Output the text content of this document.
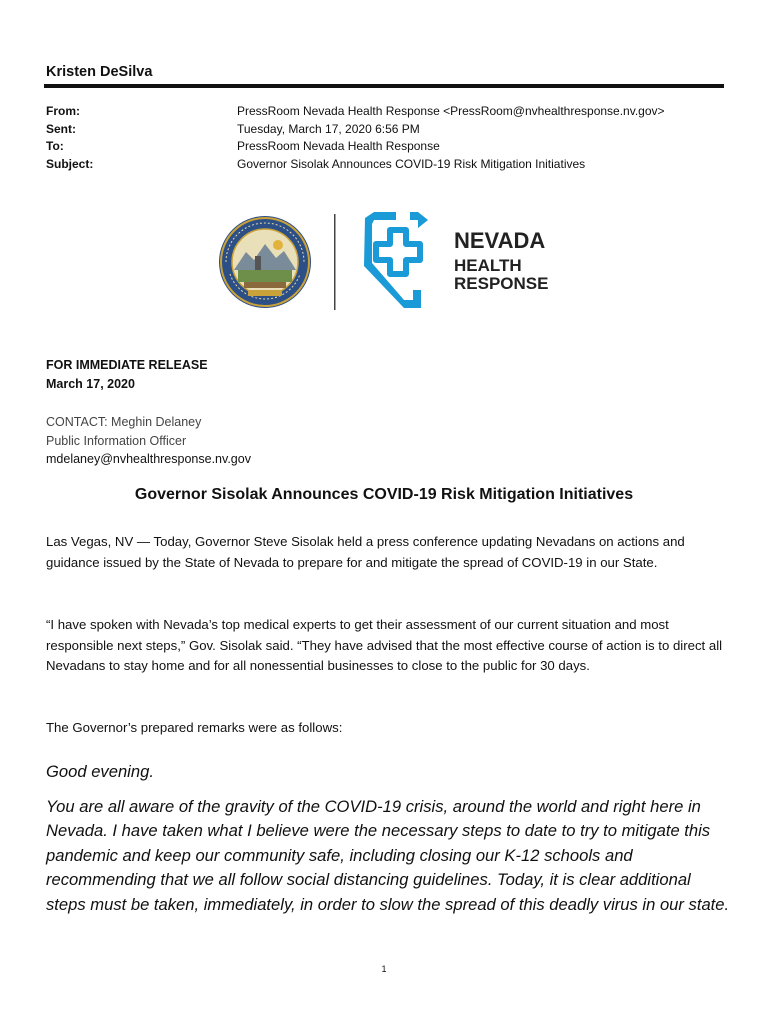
Kristen DeSilva
From:	PressRoom Nevada Health Response <PressRoom@nvhealthresponse.nv.gov>
Sent:	Tuesday, March 17, 2020 6:56 PM
To:	PressRoom Nevada Health Response
Subject:	Governor Sisolak Announces COVID-19 Risk Mitigation Initiatives
NEVADA
HEALTH
RESPONSE
FOR IMMEDIATE RELEASE
March 17, 2020
CONTACT: Meghin Delaney
Public Information Officer
mdelaney@nvhealthresponse.nv.gov
Governor Sisolak Announces COVID-19 Risk Mitigation Initiatives
Las Vegas, NV — Today, Governor Steve Sisolak held a press conference updating Nevadans on actions and guidance issued by the State of Nevada to prepare for and mitigate the spread of COVID-19 in our State.
“I have spoken with Nevada’s top medical experts to get their assessment of our current situation and most responsible next steps,” Gov. Sisolak said. “They have advised that the most effective course of action is to direct all Nevadans to stay home and for all nonessential businesses to close to the public for 30 days.
The Governor’s prepared remarks were as follows:
Good evening.
You are all aware of the gravity of the COVID-19 crisis, around the world and right here in Nevada. I have taken what I believe were the necessary steps to date to try to mitigate this pandemic and keep our community safe, including closing our K-12 schools and recommending that we all follow social distancing guidelines. Today, it is clear additional steps must be taken, immediately, in order to slow the spread of this deadly virus in our state.
1
